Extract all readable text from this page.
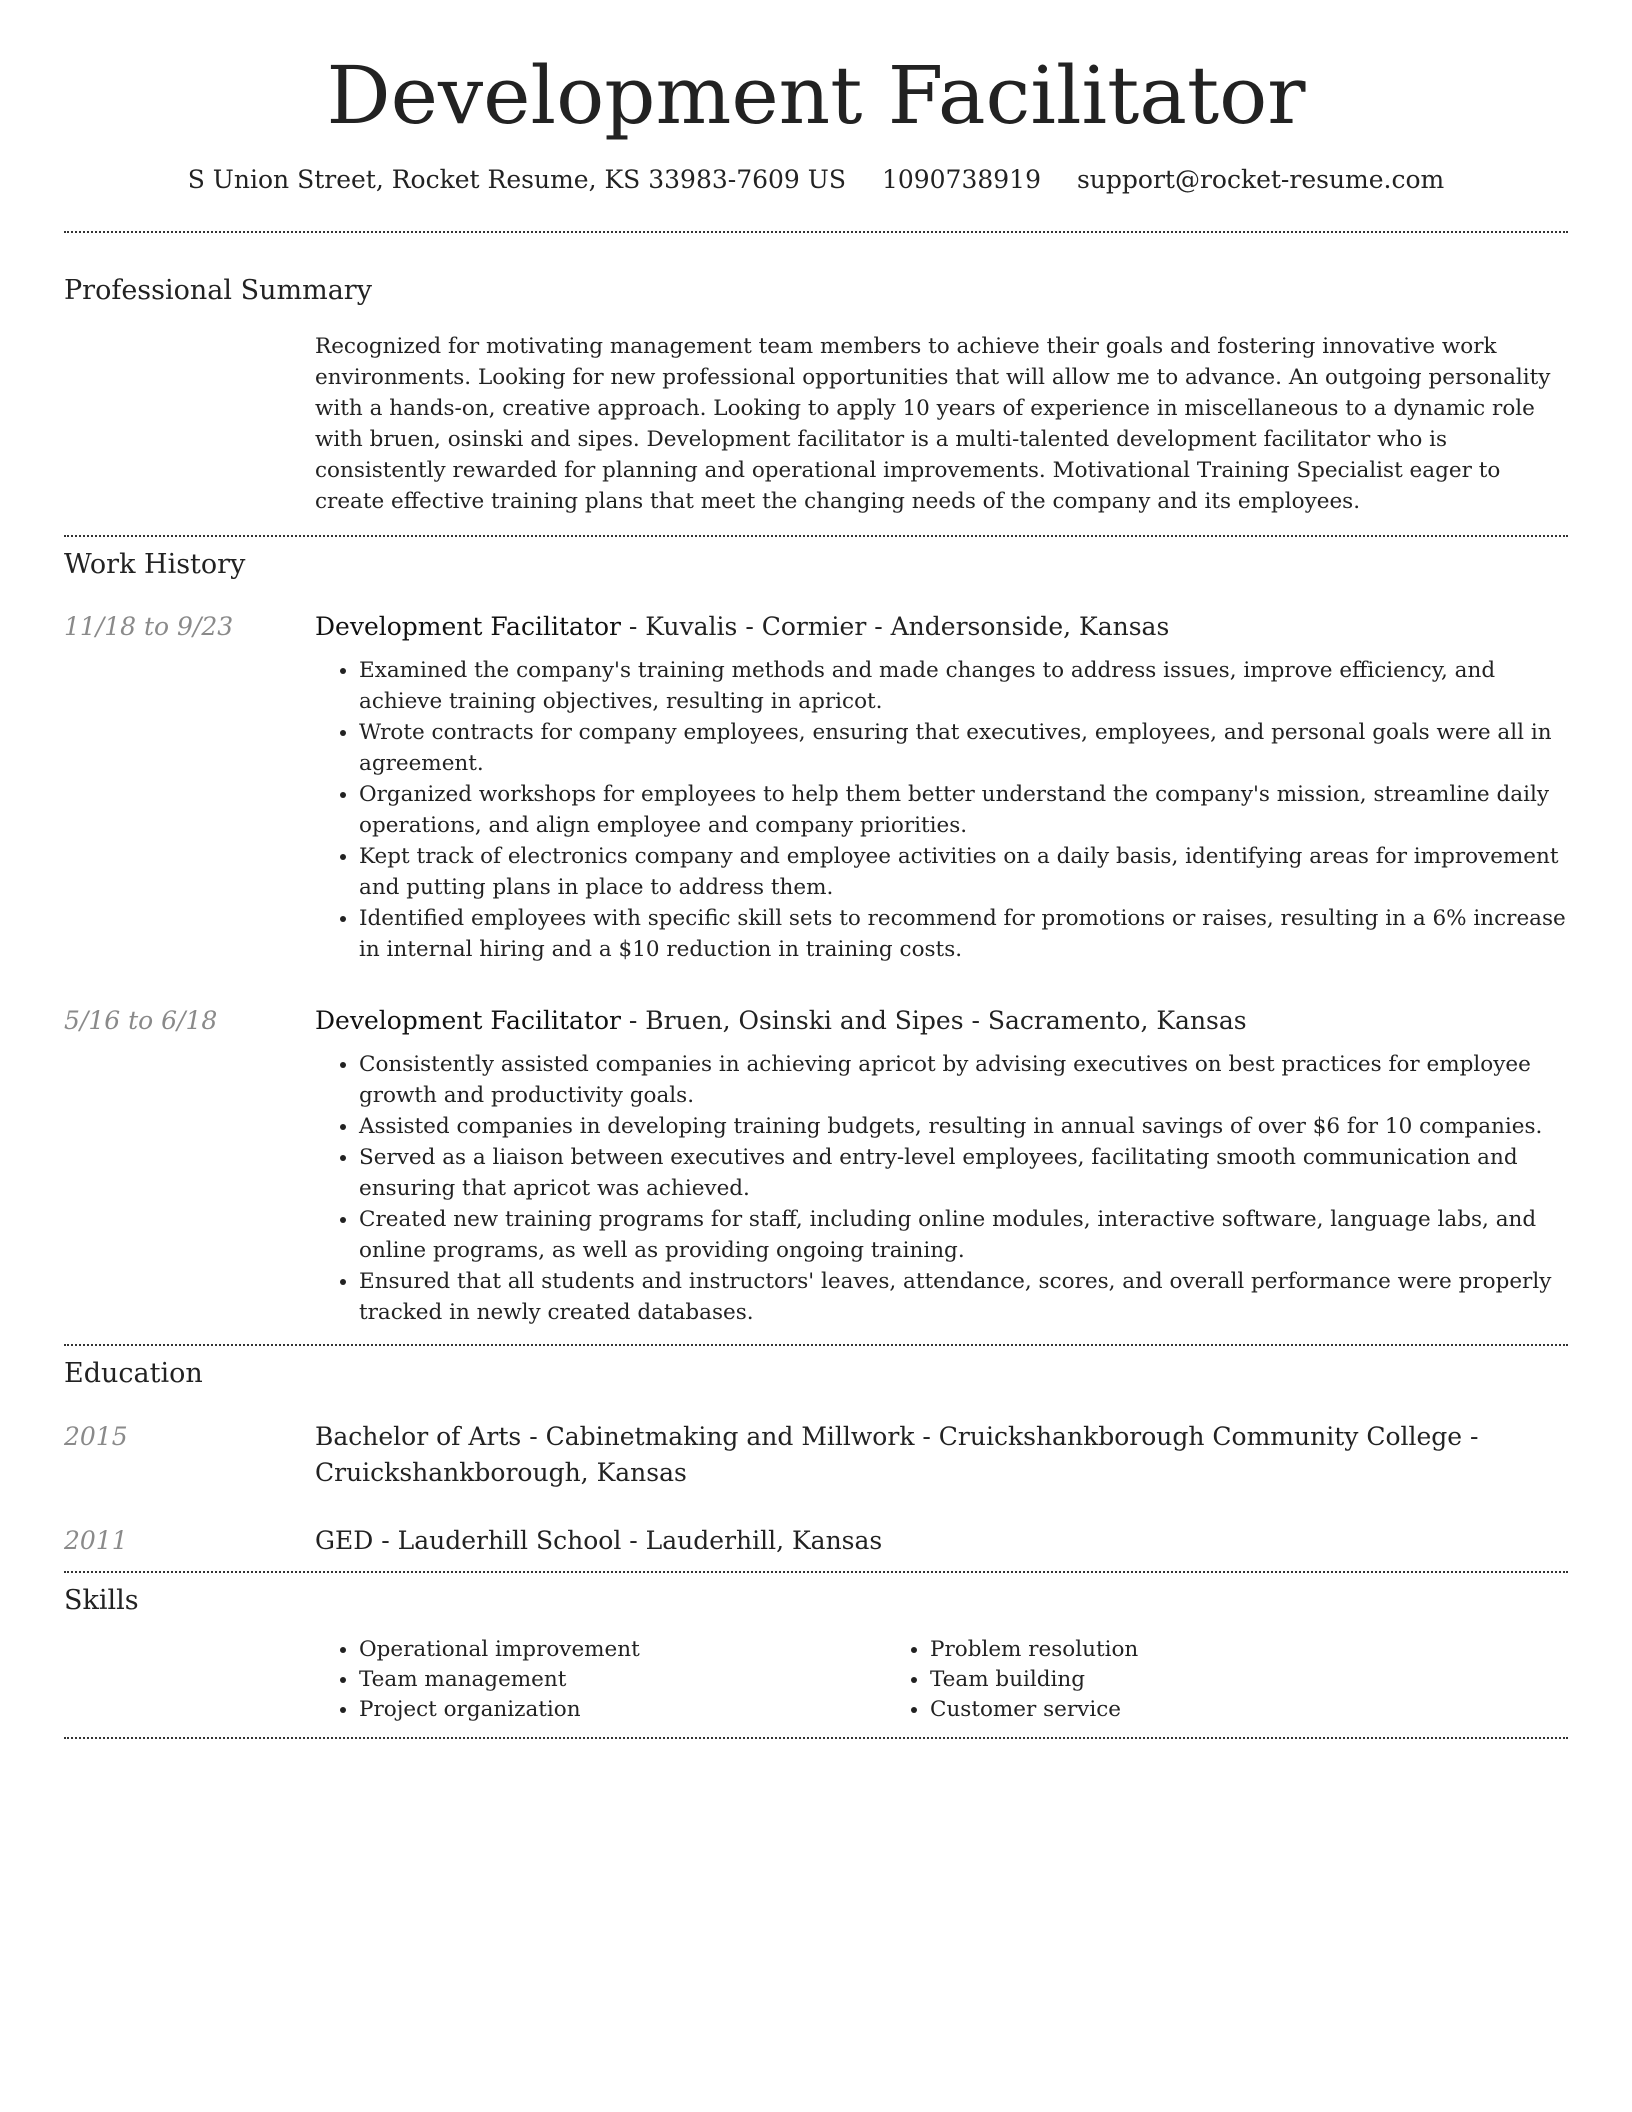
Development Facilitator
S Union Street, Rocket Resume, KS 33983-7609 US 1090738919 support@rocket-resume.com
Professional Summary

Recognized for motivating management team members to achieve their goals and fostering innovative work environments. Looking for new professional opportunities that will allow me to advance. An outgoing personality with a hands-on, creative approach. Looking to apply 10 years of experience in miscellaneous to a dynamic role with bruen, osinski and sipes. Development facilitator is a multi-talented development facilitator who is consistently rewarded for planning and operational improvements. Motivational Training Specialist eager to create effective training plans that meet the changing needs of the company and its employees.

Work History
11/18 to 9/23	Development Facilitator - Kuvalis - Cormier - Andersonside, Kansas
• Examined the company's training methods and made changes to address issues, improve efficiency, and achieve training objectives, resulting in apricot.
• Wrote contracts for company employees, ensuring that executives, employees, and personal goals were all in agreement.
• Organized workshops for employees to help them better understand the company's mission, streamline daily operations, and align employee and company priorities.
• Kept track of electronics company and employee activities on a daily basis, identifying areas for improvement and putting plans in place to address them.
• Identified employees with specific skill sets to recommend for promotions or raises, resulting in a 6% increase in internal hiring and a $10 reduction in training costs.
5/16 to 6/18	Development Facilitator - Bruen, Osinski and Sipes - Sacramento, Kansas
• Consistently assisted companies in achieving apricot by advising executives on best practices for employee growth and productivity goals.
• Assisted companies in developing training budgets, resulting in annual savings of over $6 for 10 companies.
• Served as a liaison between executives and entry-level employees, facilitating smooth communication and ensuring that apricot was achieved.
• Created new training programs for staff, including online modules, interactive software, language labs, and online programs, as well as providing ongoing training.
• Ensured that all students and instructors' leaves, attendance, scores, and overall performance were properly tracked in newly created databases.
Education
2015	Bachelor of Arts - Cabinetmaking and Millwork - Cruickshankborough Community College - Cruickshankborough, Kansas
2011	GED - Lauderhill School - Lauderhill, Kansas
Skills
• Operational improvement
• Team management
• Project organization
• Problem resolution
• Team building
• Customer service
